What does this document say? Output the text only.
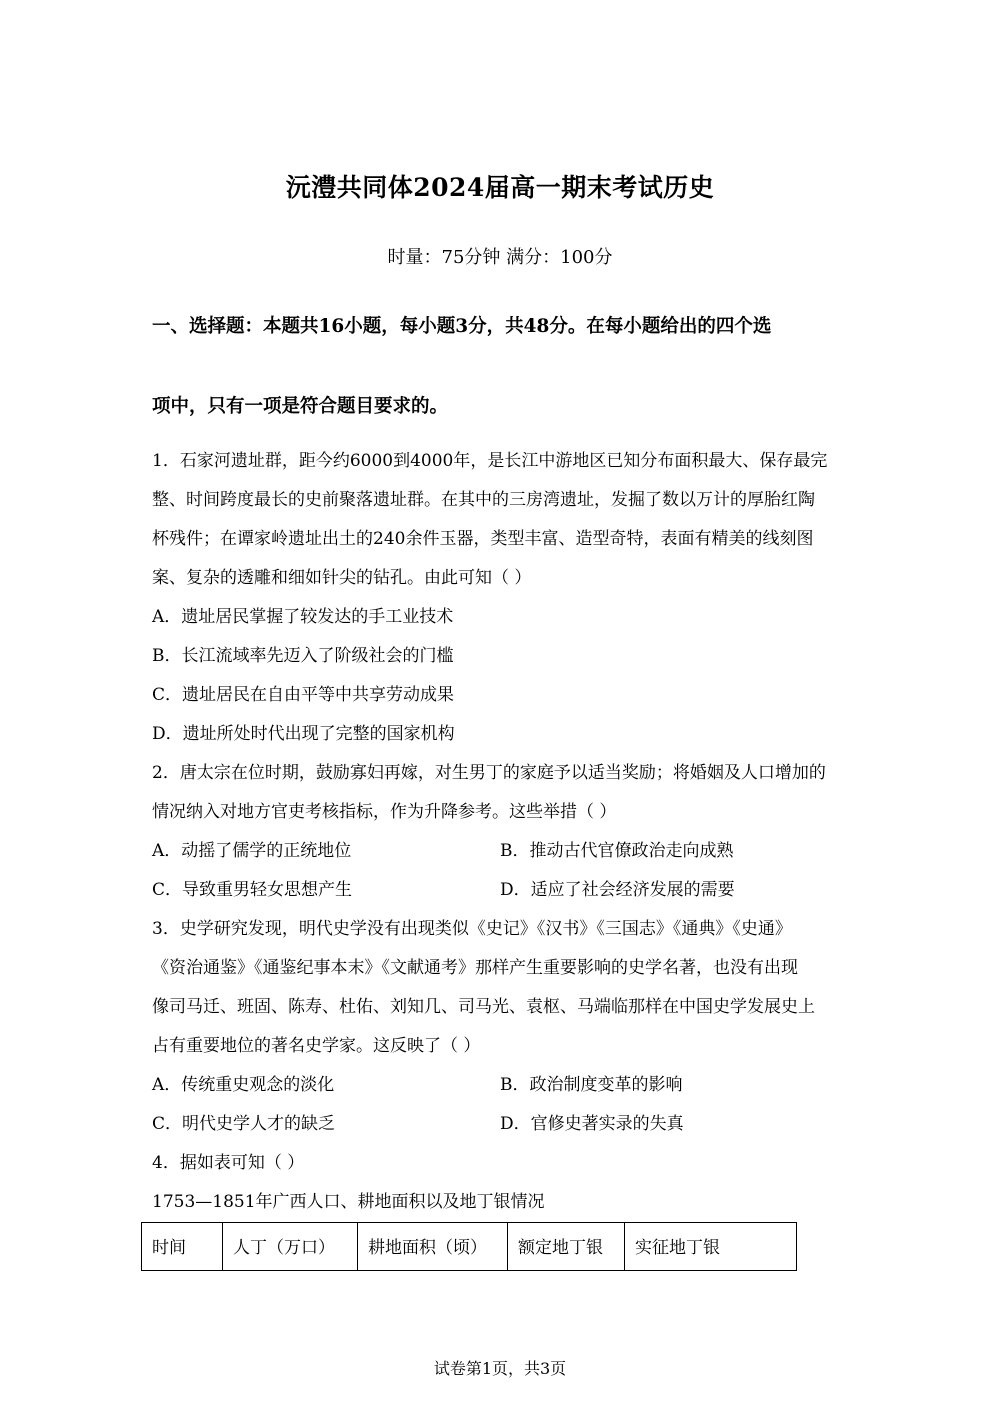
沅澧共同体2024届高一期末考试历史
时量：75分钟 满分：100分
一、选择题：本题共16小题，每小题3分，共48分。在每小题给出的四个选
项中，只有一项是符合题目要求的。
1．石家河遗址群，距今约6000到4000年，是长江中游地区已知分布面积最大、保存最完
整、时间跨度最长的史前聚落遗址群。在其中的三房湾遗址，发掘了数以万计的厚胎红陶
杯残件；在谭家岭遗址出土的240余件玉器，类型丰富、造型奇特，表面有精美的线刻图
案、复杂的透雕和细如针尖的钻孔。由此可知（ ）
A．遗址居民掌握了较发达的手工业技术
B．长江流域率先迈入了阶级社会的门槛
C．遗址居民在自由平等中共享劳动成果
D．遗址所处时代出现了完整的国家机构
2．唐太宗在位时期，鼓励寡妇再嫁，对生男丁的家庭予以适当奖励；将婚姻及人口增加的
情况纳入对地方官吏考核指标，作为升降参考。这些举措（ ）
A．动摇了儒学的正统地位	B．推动古代官僚政治走向成熟
C．导致重男轻女思想产生	D．适应了社会经济发展的需要
3．史学研究发现，明代史学没有出现类似《史记》《汉书》《三国志》《通典》《史通》
《资治通鉴》《通鉴纪事本末》《文献通考》那样产生重要影响的史学名著，也没有出现
像司马迁、班固、陈寿、杜佑、刘知几、司马光、袁枢、马端临那样在中国史学发展史上
占有重要地位的著名史学家。这反映了（ ）
A．传统重史观念的淡化	B．政治制度变革的影响
C．明代史学人才的缺乏	D．官修史著实录的失真
4．据如表可知（ ）
1753—1851年广西人口、耕地面积以及地丁银情况
时间	人丁（万口）	耕地面积（顷）	额定地丁银	实征地丁银
试卷第1页，共3页
